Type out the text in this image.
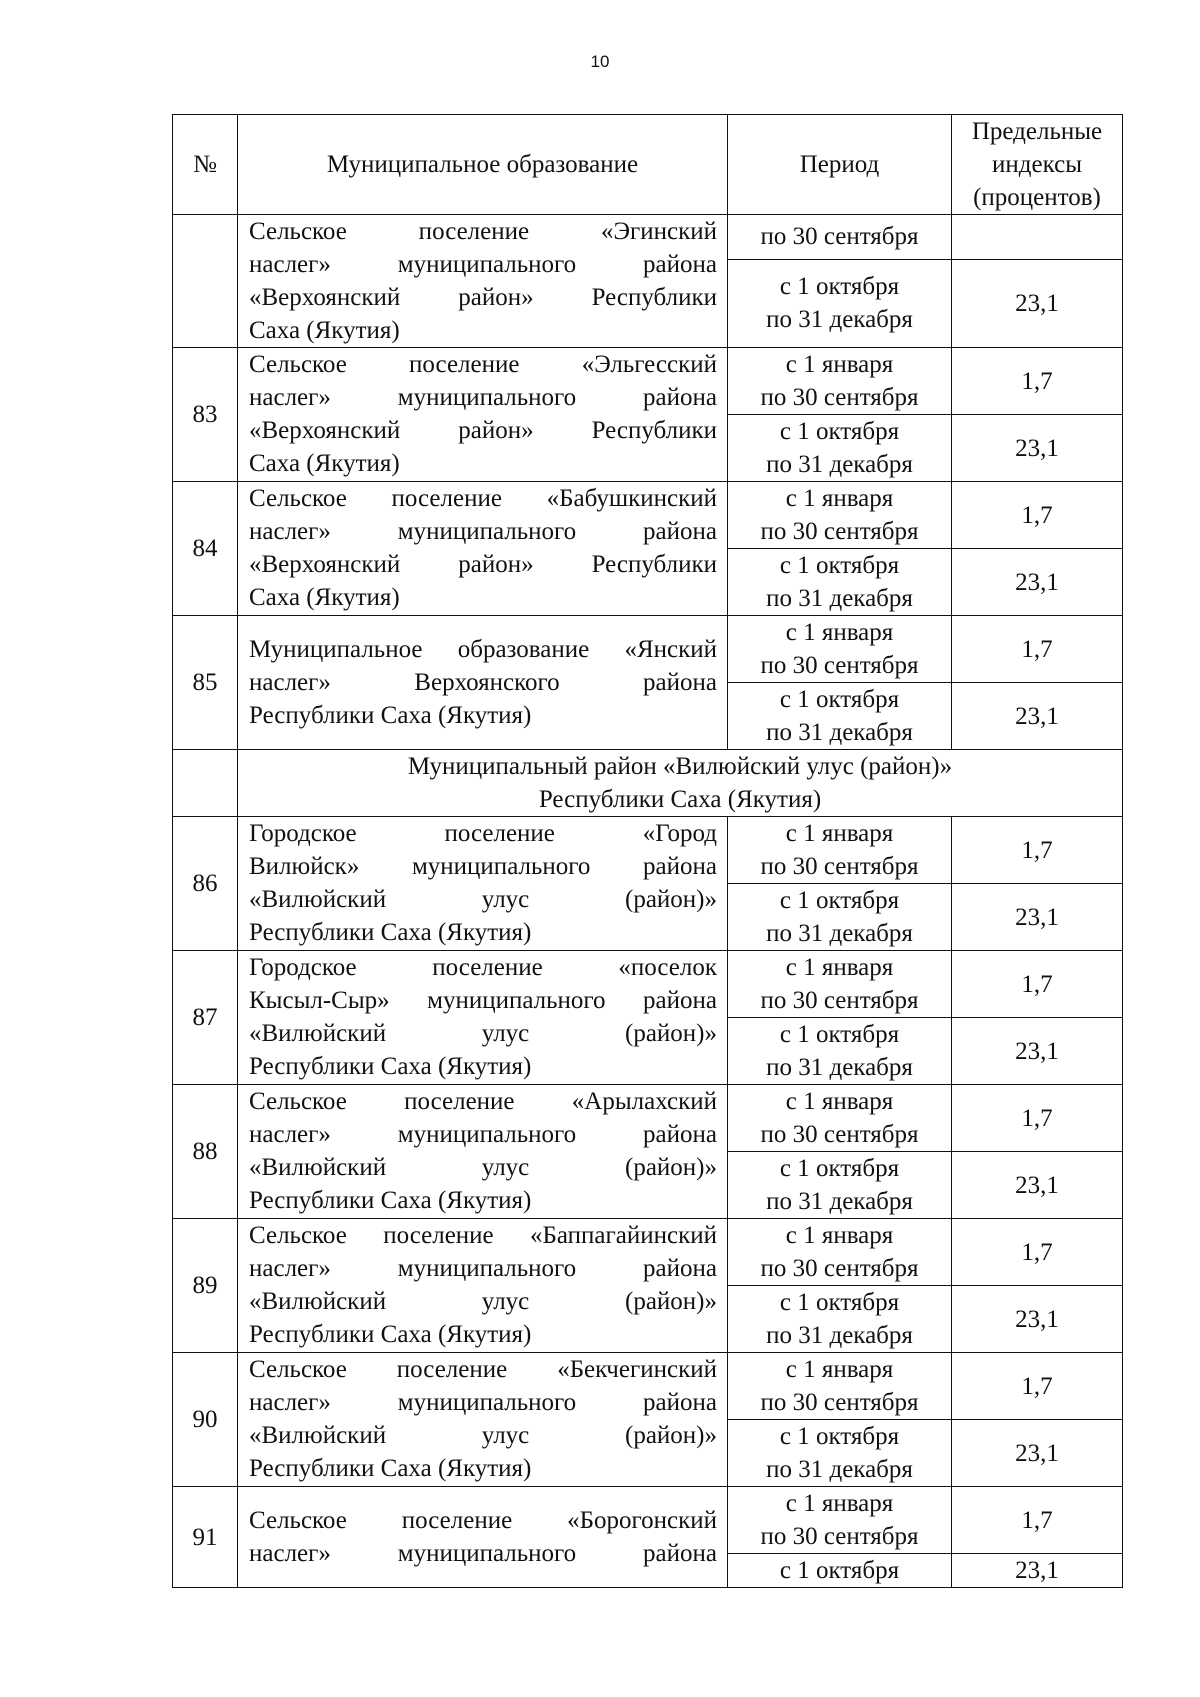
10
№	Муниципальное образование	Период	Предельные индексы (процентов)

	Сельское поселение «Эгинский
наслег» муниципального района
«Верхоянский район» Республики
Саха (Якутия)	по 30 сентября	

		с 1 октября
по 31 декабря	23,1
83	Сельское поселение «Эльгесский
наслег» муниципального района
«Верхоянский район» Республики
Саха (Якутия)	с 1 января
по 30 сентября	1,7

		с 1 октября
по 31 декабря	23,1
84	Сельское поселение «Бабушкинский
наслег» муниципального района
«Верхоянский район» Республики
Саха (Якутия)	с 1 января
по 30 сентября	1,7

		с 1 октября
по 31 декабря	23,1
85	Муниципальное образование «Янский
наслег» Верхоянского района
Республики Саха (Якутия)	с 1 января
по 30 сентября	1,7

		с 1 октября
по 31 декабря	23,1

	Муниципальный район «Вилюйский улус (район)»
Республики Саха (Якутия)		

86	Городское поселение «Город
Вилюйск» муниципального района
«Вилюйский улус (район)»
Республики Саха (Якутия)	с 1 января
по 30 сентября	1,7

		с 1 октября
по 31 декабря	23,1
87	Городское поселение «поселок
Кысыл-Сыр» муниципального района
«Вилюйский улус (район)»
Республики Саха (Якутия)	с 1 января
по 30 сентября	1,7

		с 1 октября
по 31 декабря	23,1
88	Сельское поселение «Арылахский
наслег» муниципального района
«Вилюйский улус (район)»
Республики Саха (Якутия)	с 1 января
по 30 сентября	1,7

		с 1 октября
по 31 декабря	23,1
89	Сельское поселение «Баппагайинский
наслег» муниципального района
«Вилюйский улус (район)»
Республики Саха (Якутия)	с 1 января
по 30 сентября	1,7

		с 1 октября
по 31 декабря	23,1
90	Сельское поселение «Бекчегинский
наслег» муниципального района
«Вилюйский улус (район)»
Республики Саха (Якутия)	с 1 января
по 30 сентября	1,7

		с 1 октября
по 31 декабря	23,1
91	Сельское поселение «Борогонский
наслег» муниципального района	с 1 января
по 30 сентября	1,7

		с 1 октября	23,1
